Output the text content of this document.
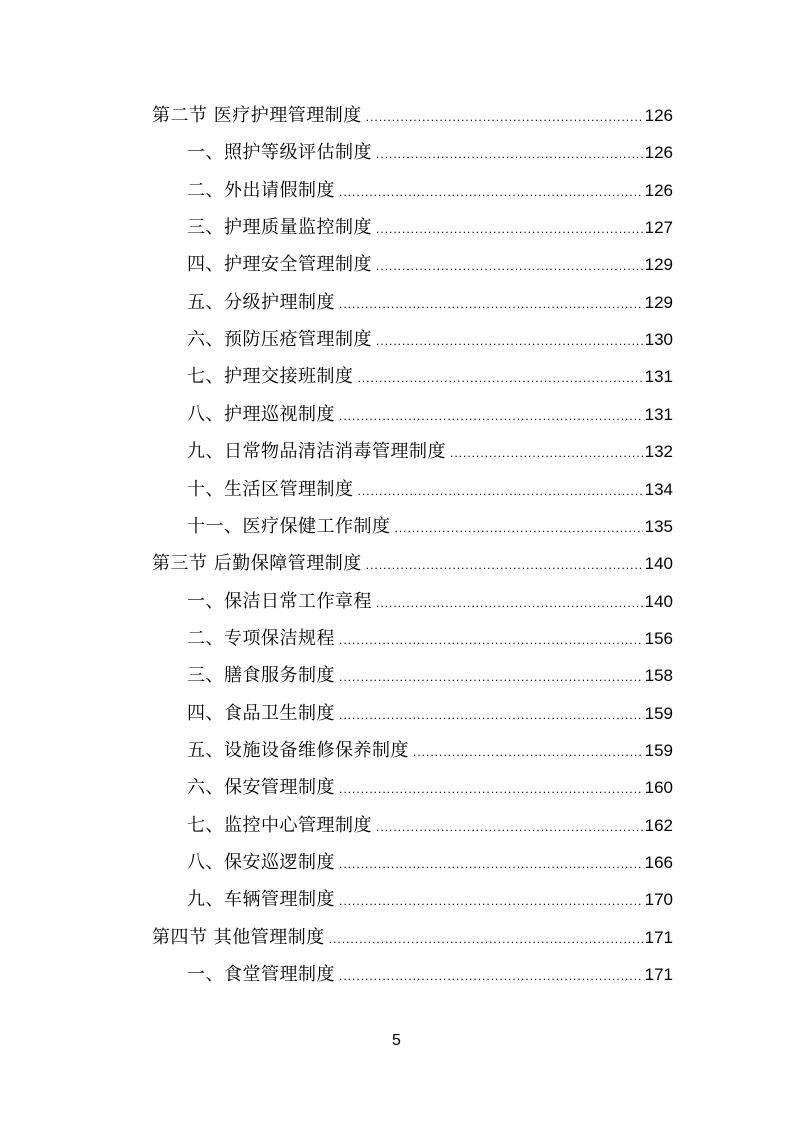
第二节 医疗护理管理制度 .....	126
一、照护等级评估制度 .....	126
二、外出请假制度 .....	126
三、护理质量监控制度 .....	127
四、护理安全管理制度 .....	129
五、分级护理制度 .....	129
六、预防压疮管理制度 .....	130
七、护理交接班制度 .....	131
八、护理巡视制度 .....	131
九、日常物品清洁消毒管理制度 .....	132
十、生活区管理制度 .....	134
十一、医疗保健工作制度 .....	135
第三节 后勤保障管理制度 .....	140
一、保洁日常工作章程 .....	140
二、专项保洁规程 .....	156
三、膳食服务制度 .....	158
四、食品卫生制度 .....	159
五、设施设备维修保养制度 .....	159
六、保安管理制度 .....	160
七、监控中心管理制度 .....	162
八、保安巡逻制度 .....	166
九、车辆管理制度 .....	170
第四节 其他管理制度 .....	171
一、食堂管理制度 .....	171
5
